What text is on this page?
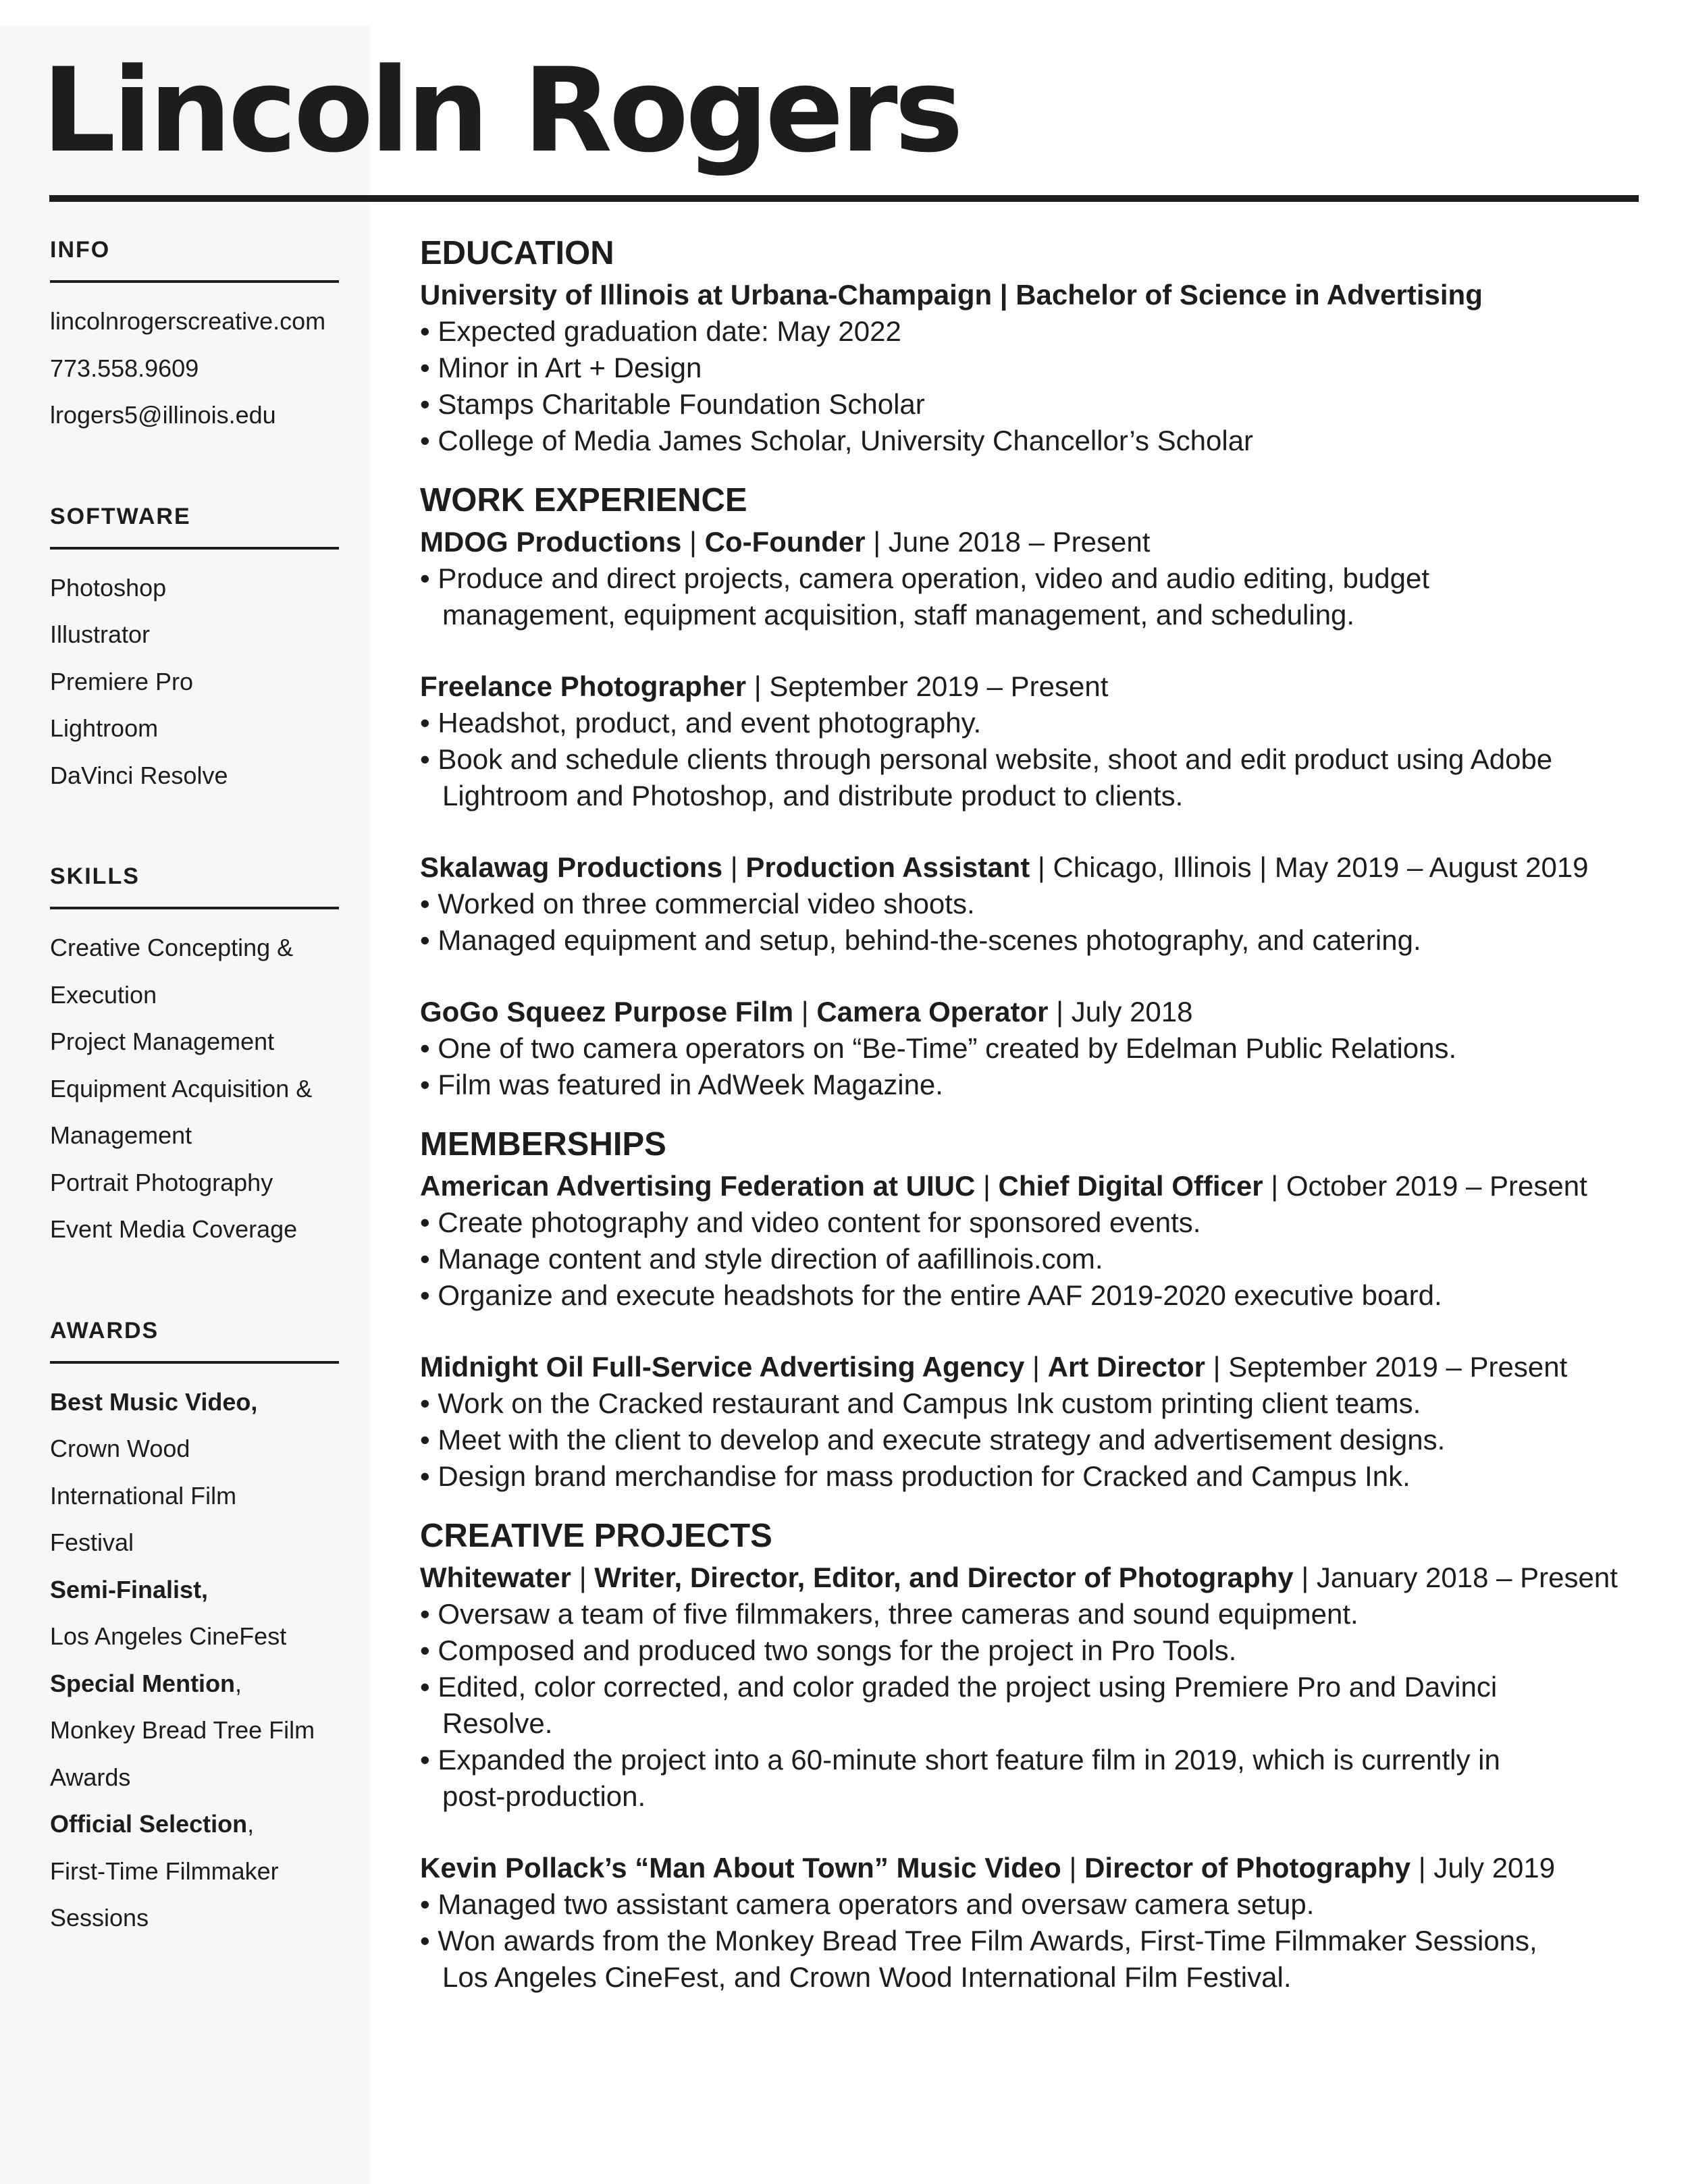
Lincoln Rogers
INFO
lincolnrogerscreative.com
773.558.9609
lrogers5@illinois.edu
SOFTWARE
Photoshop
Illustrator
Premiere Pro
Lightroom
DaVinci Resolve
SKILLS
Creative Concepting &
Execution
Project Management
Equipment Acquisition &
Management
Portrait Photography
Event Media Coverage
AWARDS
Best Music Video,
Crown Wood
International Film
Festival
Semi-Finalist,
Los Angeles CineFest
Special Mention,
Monkey Bread Tree Film
Awards
Official Selection,
First-Time Filmmaker
Sessions
EDUCATION
University of Illinois at Urbana-Champaign | Bachelor of Science in Advertising
• Expected graduation date: May 2022
• Minor in Art + Design
• Stamps Charitable Foundation Scholar
• College of Media James Scholar, University Chancellor’s Scholar
WORK EXPERIENCE
MDOG Productions | Co-Founder | June 2018 – Present
• Produce and direct projects, camera operation, video and audio editing, budget
management, equipment acquisition, staff management, and scheduling.
Freelance Photographer | September 2019 – Present
• Headshot, product, and event photography.
• Book and schedule clients through personal website, shoot and edit product using Adobe
Lightroom and Photoshop, and distribute product to clients.
Skalawag Productions | Production Assistant | Chicago, Illinois | May 2019 – August 2019
• Worked on three commercial video shoots.
• Managed equipment and setup, behind-the-scenes photography, and catering.
GoGo Squeez Purpose Film | Camera Operator | July 2018
• One of two camera operators on “Be-Time” created by Edelman Public Relations.
• Film was featured in AdWeek Magazine.
MEMBERSHIPS
American Advertising Federation at UIUC | Chief Digital Officer | October 2019 – Present
• Create photography and video content for sponsored events.
• Manage content and style direction of aafillinois.com.
• Organize and execute headshots for the entire AAF 2019-2020 executive board.
Midnight Oil Full-Service Advertising Agency | Art Director | September 2019 – Present
• Work on the Cracked restaurant and Campus Ink custom printing client teams.
• Meet with the client to develop and execute strategy and advertisement designs.
• Design brand merchandise for mass production for Cracked and Campus Ink.
CREATIVE PROJECTS
Whitewater | Writer, Director, Editor, and Director of Photography | January 2018 – Present
• Oversaw a team of five filmmakers, three cameras and sound equipment.
• Composed and produced two songs for the project in Pro Tools.
• Edited, color corrected, and color graded the project using Premiere Pro and Davinci
Resolve.
• Expanded the project into a 60-minute short feature film in 2019, which is currently in
post-production.
Kevin Pollack’s “Man About Town” Music Video | Director of Photography | July 2019
• Managed two assistant camera operators and oversaw camera setup.
• Won awards from the Monkey Bread Tree Film Awards, First-Time Filmmaker Sessions,
Los Angeles CineFest, and Crown Wood International Film Festival.
